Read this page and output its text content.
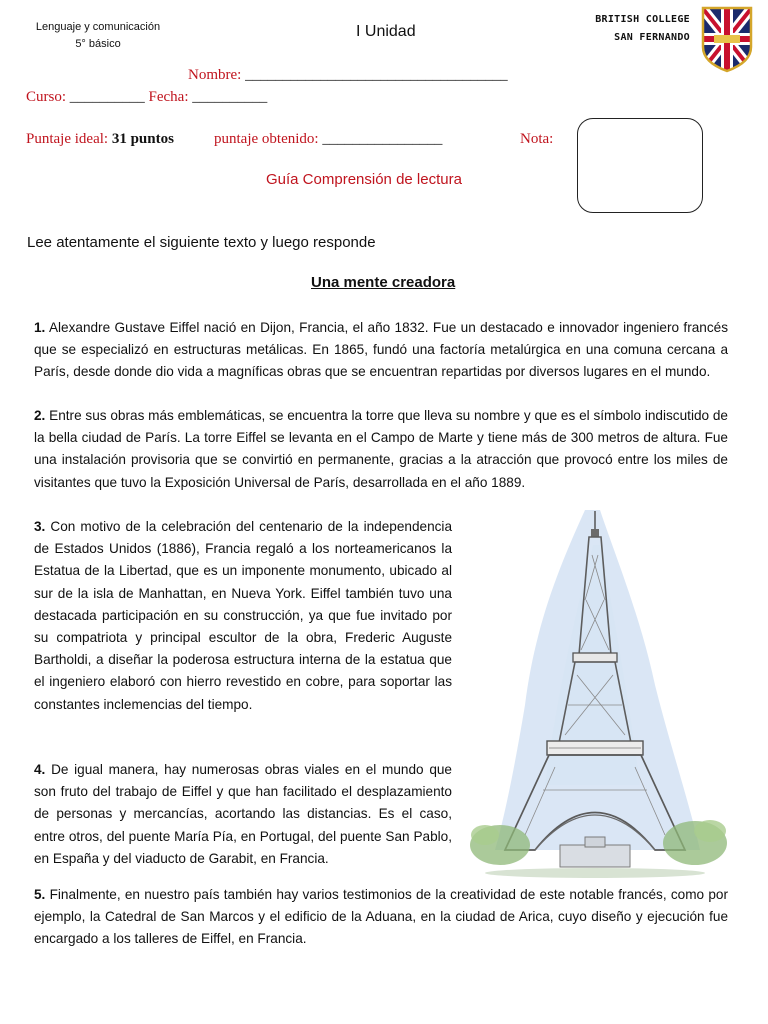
Lenguaje y comunicación
5° básico
I Unidad
BRITISH COLLEGE
SAN FERNANDO
Nombre: ___________________________________
Curso: __________ Fecha: __________
Puntaje ideal: 31 puntos	puntaje obtenido: ________________	Nota:
Guía Comprensión de lectura
Lee atentamente el siguiente texto y luego responde
Una mente creadora
1. Alexandre Gustave Eiffel nació en Dijon, Francia, el año 1832. Fue un destacado e innovador ingeniero francés que se especializó en estructuras metálicas. En 1865, fundó una factoría metalúrgica en una comuna cercana a París, desde donde dio vida a magníficas obras que se encuentran repartidas por diversos lugares en el mundo.
2. Entre sus obras más emblemáticas, se encuentra la torre que lleva su nombre y que es el símbolo indiscutido de la bella ciudad de París. La torre Eiffel se levanta en el Campo de Marte y tiene más de 300 metros de altura. Fue una instalación provisoria que se convirtió en permanente, gracias a la atracción que provocó entre los miles de visitantes que tuvo la Exposición Universal de París, desarrollada en el año 1889.
3. Con motivo de la celebración del centenario de la independencia de Estados Unidos (1886), Francia regaló a los norteamericanos la Estatua de la Libertad, que es un imponente monumento, ubicado al sur de la isla de Manhattan, en Nueva York. Eiffel también tuvo una destacada participación en su construcción, ya que fue invitado por su compatriota y principal escultor de la obra, Frederic Auguste Bartholdi, a diseñar la poderosa estructura interna de la estatua que el ingeniero elaboró con hierro revestido en cobre, para soportar las constantes inclemencias del tiempo.
4. De igual manera, hay numerosas obras viales en el mundo que son fruto del trabajo de Eiffel y que han facilitado el desplazamiento de personas y mercancías, acortando las distancias. Es el caso, entre otros, del puente María Pía, en Portugal, del puente San Pablo, en España y del viaducto de Garabit, en Francia.
5. Finalmente, en nuestro país también hay varios testimonios de la creatividad de este notable francés, como por ejemplo, la Catedral de San Marcos y el edificio de la Aduana, en la ciudad de Arica, cuyo diseño y ejecución fue encargado a los talleres de Eiffel, en Francia.
